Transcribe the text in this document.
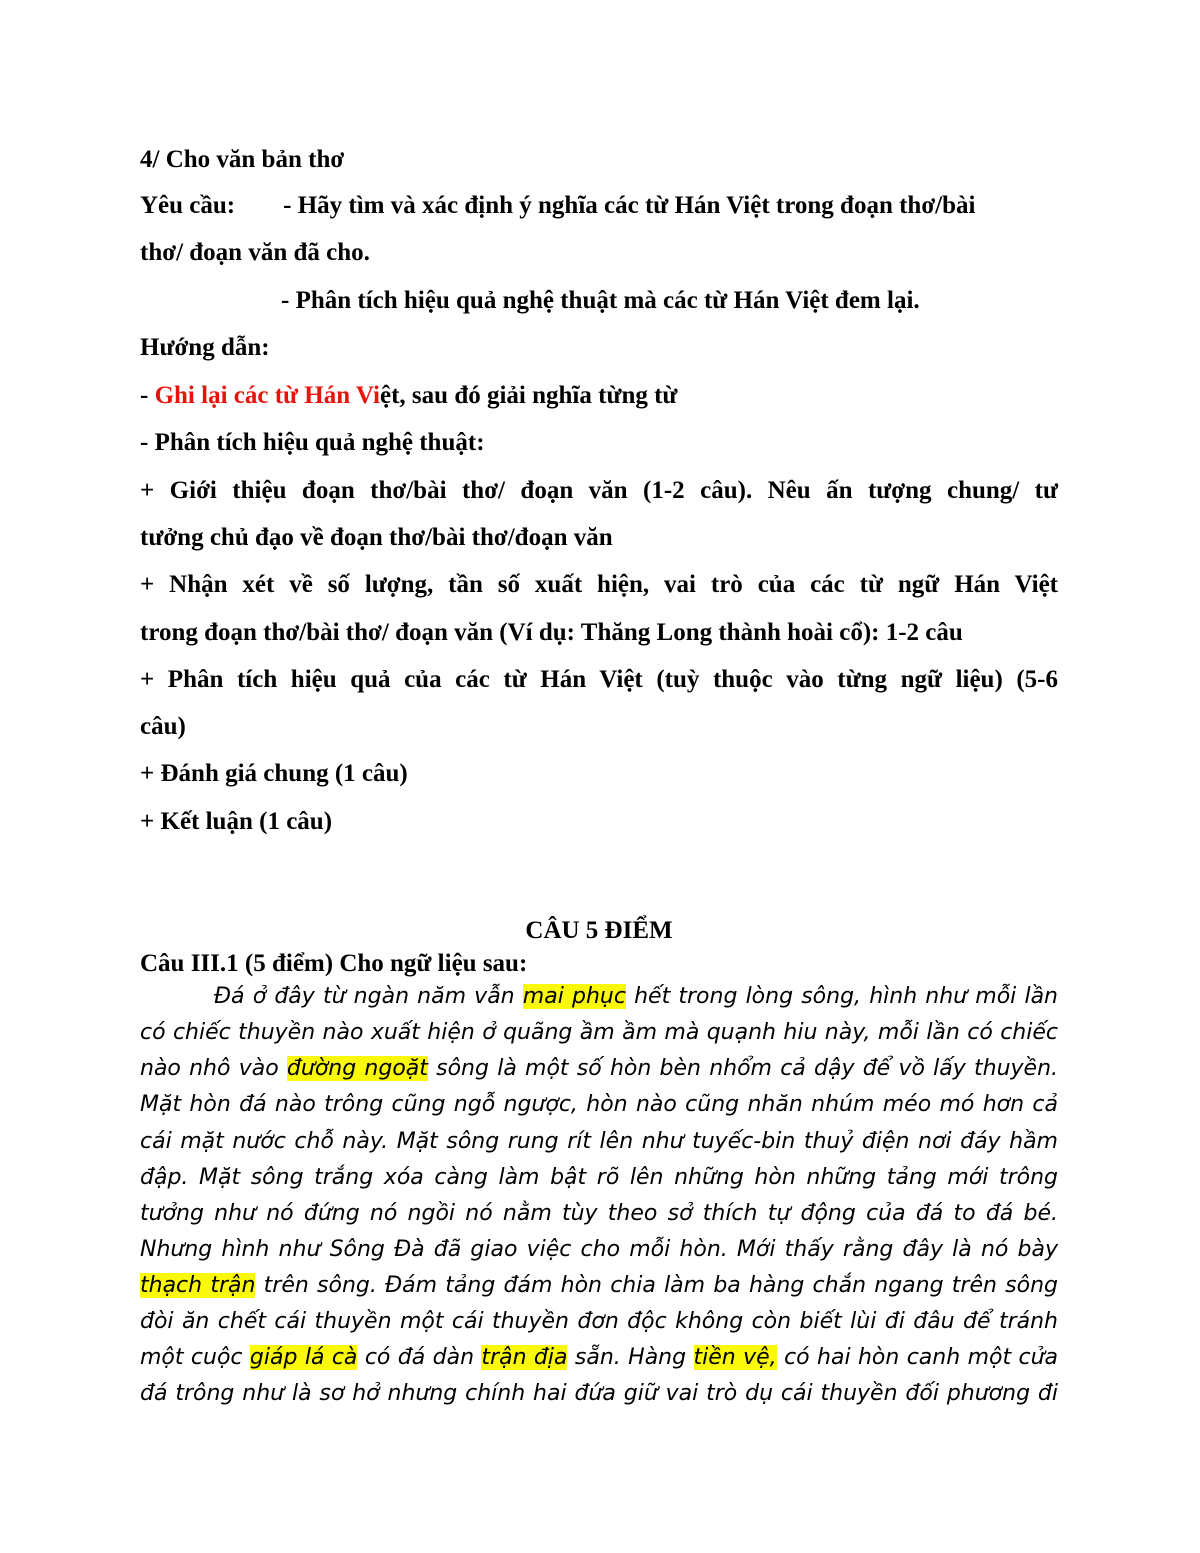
4/ Cho văn bản thơ
Yêu cầu: - Hãy tìm và xác định ý nghĩa các từ Hán Việt trong đoạn thơ/bài
thơ/ đoạn văn đã cho.
- Phân tích hiệu quả nghệ thuật mà các từ Hán Việt đem lại.
Hướng dẫn:
- Ghi lại các từ Hán Việt, sau đó giải nghĩa từng từ
- Phân tích hiệu quả nghệ thuật:
+ Giới thiệu đoạn thơ/bài thơ/ đoạn văn (1-2 câu). Nêu ấn tượng chung/ tư
tưởng chủ đạo về đoạn thơ/bài thơ/đoạn văn
+ Nhận xét về số lượng, tần số xuất hiện, vai trò của các từ ngữ Hán Việt
trong đoạn thơ/bài thơ/ đoạn văn (Ví dụ: Thăng Long thành hoài cổ): 1-2 câu
+ Phân tích hiệu quả của các từ Hán Việt (tuỳ thuộc vào từng ngữ liệu) (5-6
câu)
+ Đánh giá chung (1 câu)
+ Kết luận (1 câu)
CÂU 5 ĐIỂM
Câu III.1 (5 điểm) Cho ngữ liệu sau:
Đá ở đây từ ngàn năm vẫn mai phục hết trong lòng sông, hình như mỗi lần
có chiếc thuyền nào xuất hiện ở quãng ầm ầm mà quạnh hiu này, mỗi lần có chiếc
nào nhô vào đường ngoặt sông là một số hòn bèn nhổm cả dậy để vồ lấy thuyền.
Mặt hòn đá nào trông cũng ngỗ ngược, hòn nào cũng nhăn nhúm méo mó hơn cả
cái mặt nước chỗ này. Mặt sông rung rít lên như tuyếc-bin thuỷ điện nơi đáy hầm
đập. Mặt sông trắng xóa càng làm bật rõ lên những hòn những tảng mới trông
tưởng như nó đứng nó ngồi nó nằm tùy theo sở thích tự động của đá to đá bé.
Nhưng hình như Sông Đà đã giao việc cho mỗi hòn. Mới thấy rằng đây là nó bày
thạch trận trên sông. Đám tảng đám hòn chia làm ba hàng chắn ngang trên sông
đòi ăn chết cái thuyền một cái thuyền đơn độc không còn biết lùi đi đâu để tránh
một cuộc giáp lá cà có đá dàn trận địa sẵn. Hàng tiền vệ, có hai hòn canh một cửa
đá trông như là sơ hở nhưng chính hai đứa giữ vai trò dụ cái thuyền đối phương đi
